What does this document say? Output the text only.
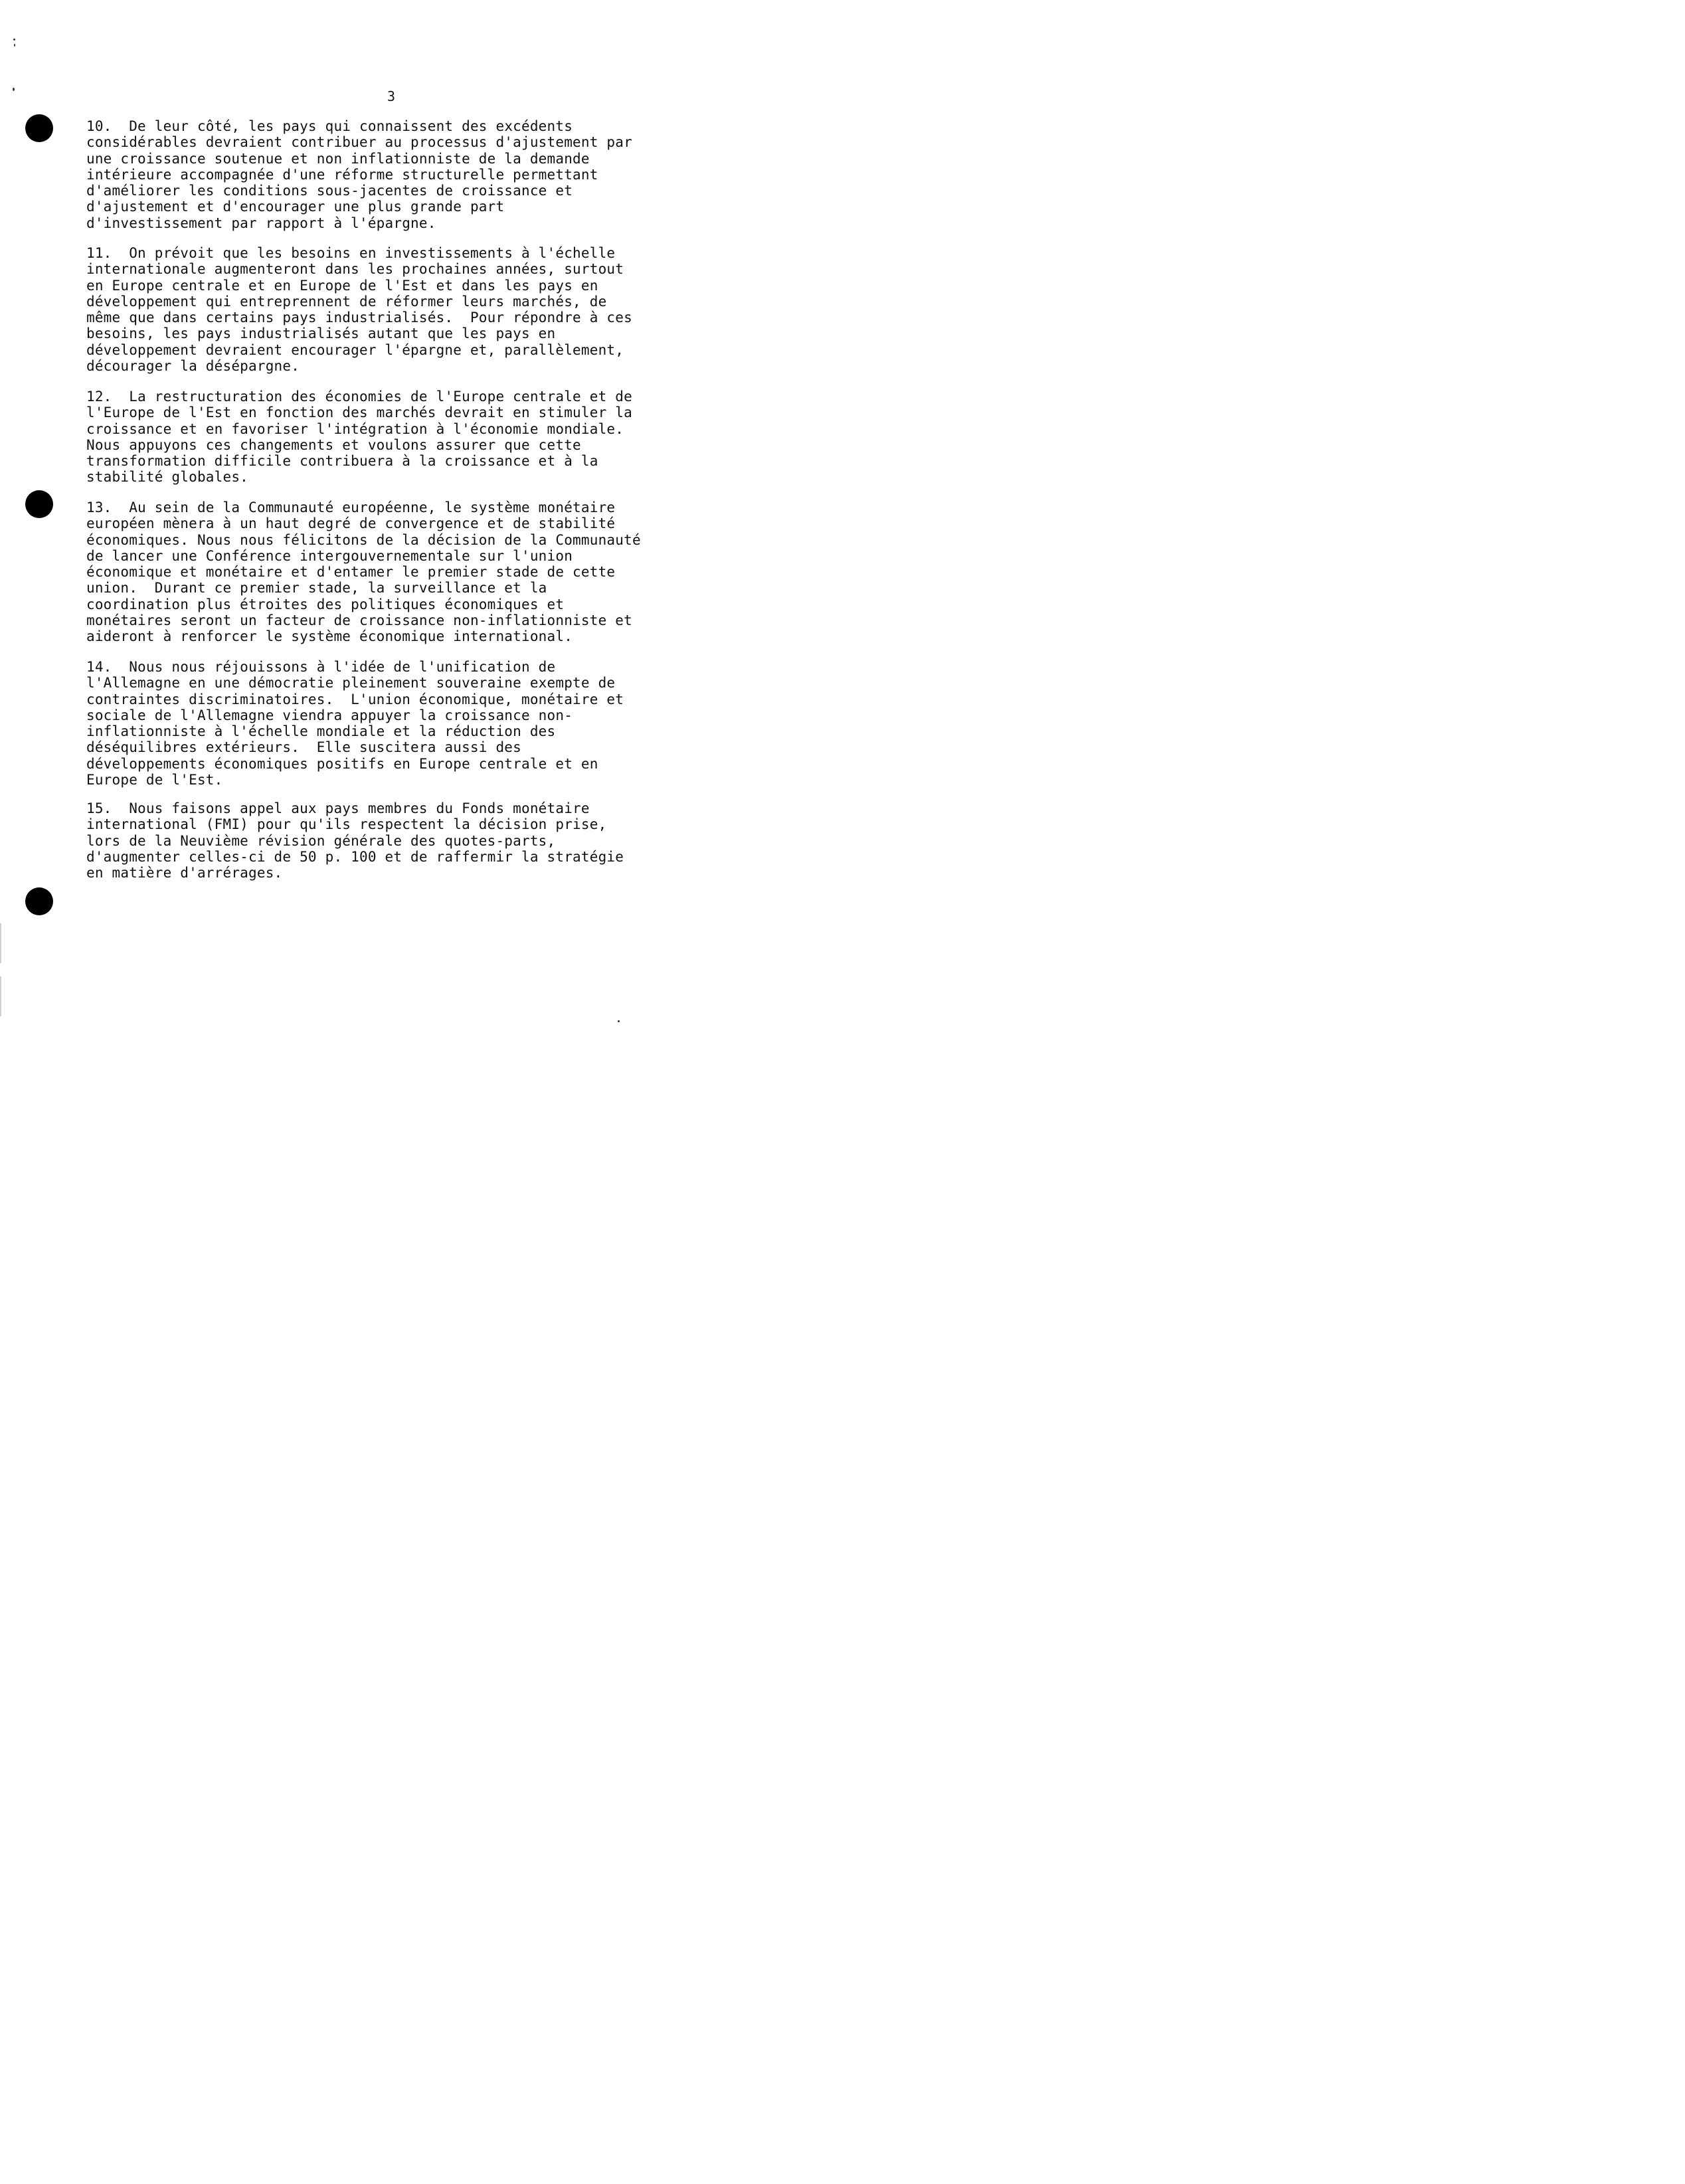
3
10. De leur côté, les pays qui connaissent des excédents
considérables devraient contribuer au processus d'ajustement par
une croissance soutenue et non inflationniste de la demande
intérieure accompagnée d'une réforme structurelle permettant
d'améliorer les conditions sous-jacentes de croissance et
d'ajustement et d'encourager une plus grande part
d'investissement par rapport à l'épargne.
11. On prévoit que les besoins en investissements à l'échelle
internationale augmenteront dans les prochaines années, surtout
en Europe centrale et en Europe de l'Est et dans les pays en
développement qui entreprennent de réformer leurs marchés, de
même que dans certains pays industrialisés.  Pour répondre à ces
besoins, les pays industrialisés autant que les pays en
développement devraient encourager l'épargne et, parallèlement,
décourager la désépargne.
12. La restructuration des économies de l'Europe centrale et de
l'Europe de l'Est en fonction des marchés devrait en stimuler la
croissance et en favoriser l'intégration à l'économie mondiale.
Nous appuyons ces changements et voulons assurer que cette
transformation difficile contribuera à la croissance et à la
stabilité globales.
13. Au sein de la Communauté européenne, le système monétaire
européen mènera à un haut degré de convergence et de stabilité
économiques. Nous nous félicitons de la décision de la Communauté
de lancer une Conférence intergouvernementale sur l'union
économique et monétaire et d'entamer le premier stade de cette
union.  Durant ce premier stade, la surveillance et la
coordination plus étroites des politiques économiques et
monétaires seront un facteur de croissance non-inflationniste et
aideront à renforcer le système économique international.
14. Nous nous réjouissons à l'idée de l'unification de
l'Allemagne en une démocratie pleinement souveraine exempte de
contraintes discriminatoires.  L'union économique, monétaire et
sociale de l'Allemagne viendra appuyer la croissance non-
inflationniste à l'échelle mondiale et la réduction des
déséquilibres extérieurs.  Elle suscitera aussi des
développements économiques positifs en Europe centrale et en
Europe de l'Est.
15. Nous faisons appel aux pays membres du Fonds monétaire
international (FMI) pour qu'ils respectent la décision prise,
lors de la Neuvième révision générale des quotes-parts,
d'augmenter celles-ci de 50 p. 100 et de raffermir la stratégie
en matière d'arrérages.
